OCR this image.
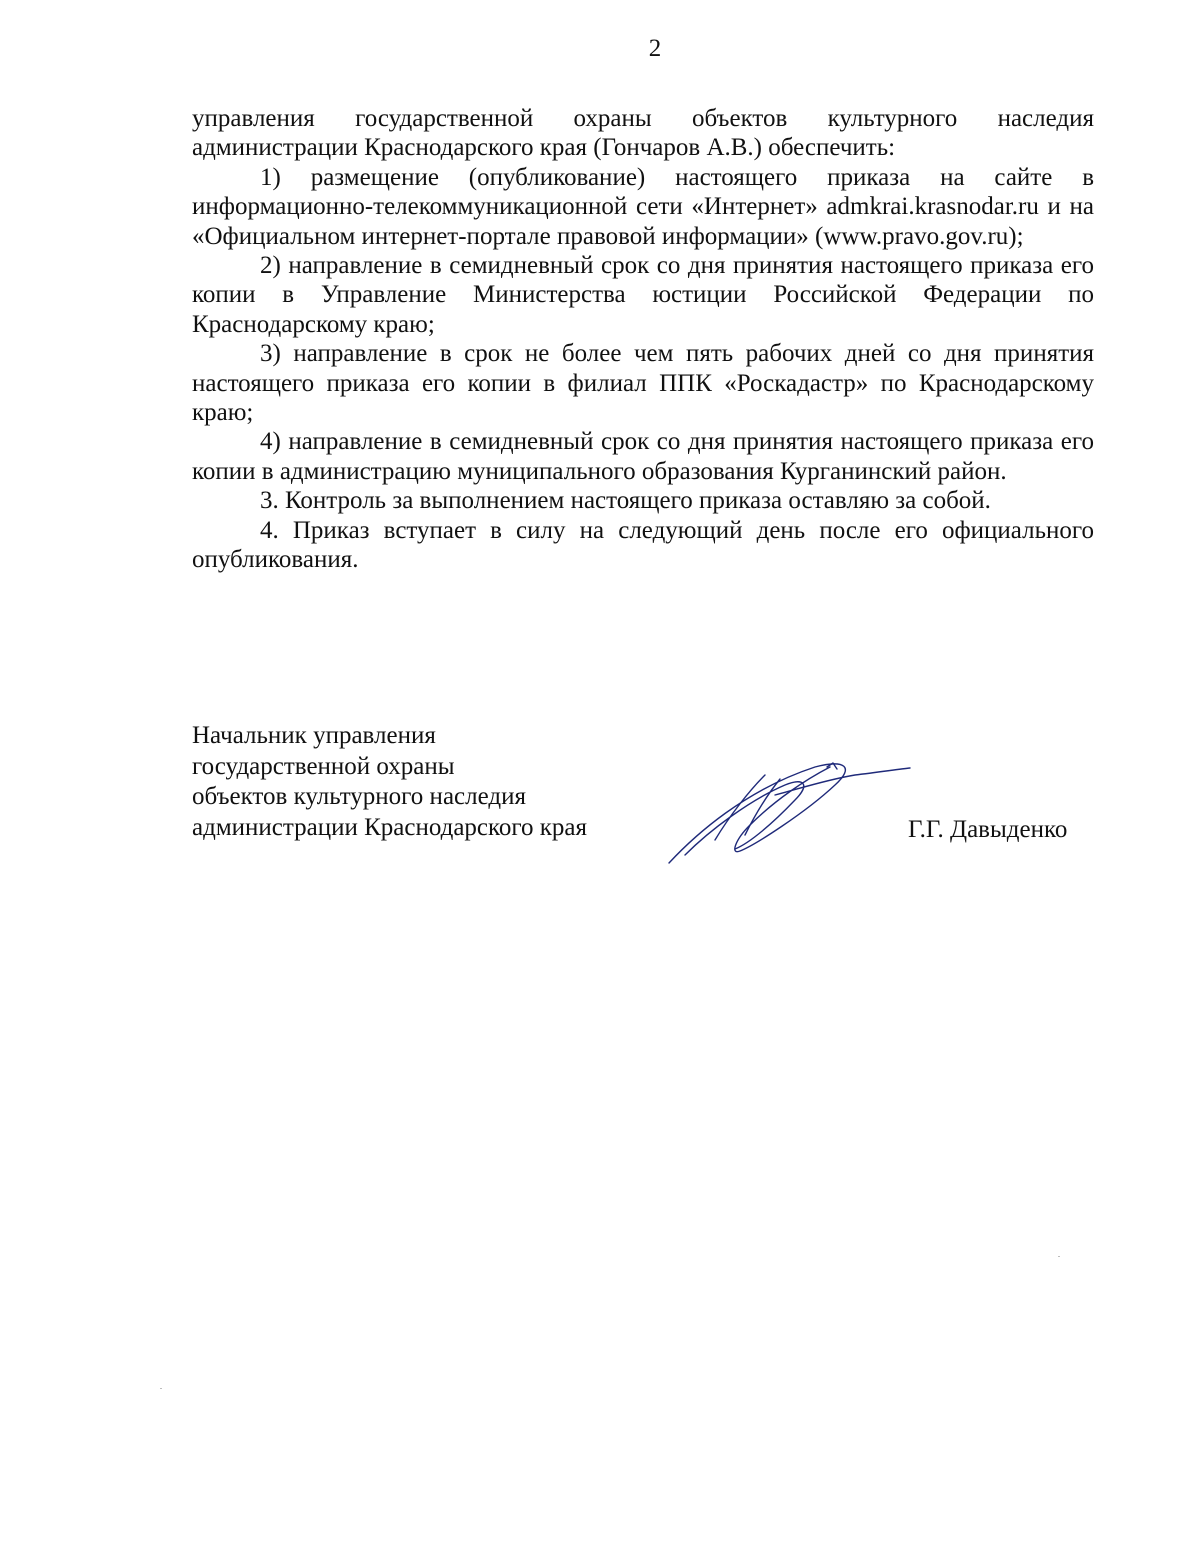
2

управления государственной охраны объектов культурного наследия администрации Краснодарского края (Гончаров А.В.) обеспечить:

1) размещение (опубликование) настоящего приказа на сайте в информационно-телекоммуникационной сети «Интернет» admkrai.krasnodar.ru и на «Официальном интернет-портале правовой информации» (www.pravo.gov.ru);

2) направление в семидневный срок со дня принятия настоящего приказа его копии в Управление Министерства юстиции Российской Федерации по Краснодарскому краю;

3) направление в срок не более чем пять рабочих дней со дня принятия настоящего приказа его копии в филиал ППК «Роскадастр» по Краснодарскому краю;

4) направление в семидневный срок со дня принятия настоящего приказа его копии в администрацию муниципального образования Курганинский район.

3. Контроль за выполнением настоящего приказа оставляю за собой.

4. Приказ вступает в силу на следующий день после его официального опубликования.

Начальник управления
государственной охраны
объектов культурного наследия
администрации Краснодарского края	Г.Г. Давыденко
